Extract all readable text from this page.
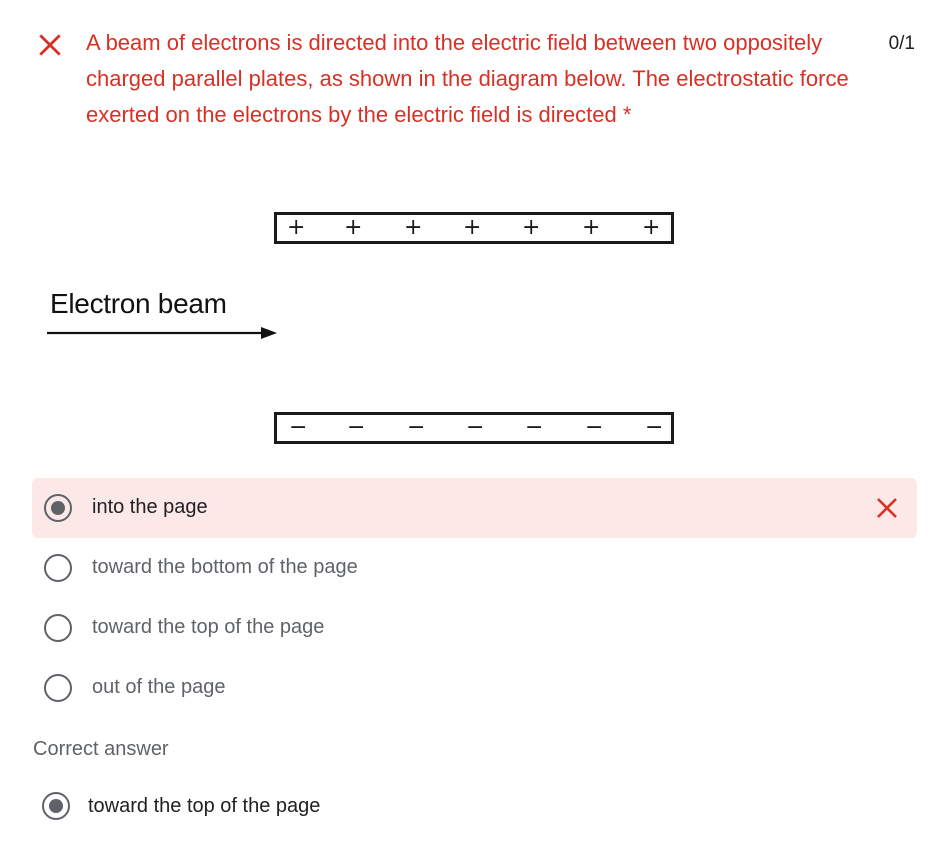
A beam of electrons is directed into the electric field between two oppositely charged parallel plates, as shown in the diagram below. The electrostatic force exerted on the electrons by the electric field is directed *

0/1
+ + + + + + +
Electron beam
− − − − − − −
into the page
toward the bottom of the page
toward the top of the page
out of the page
Correct answer
toward the top of the page
